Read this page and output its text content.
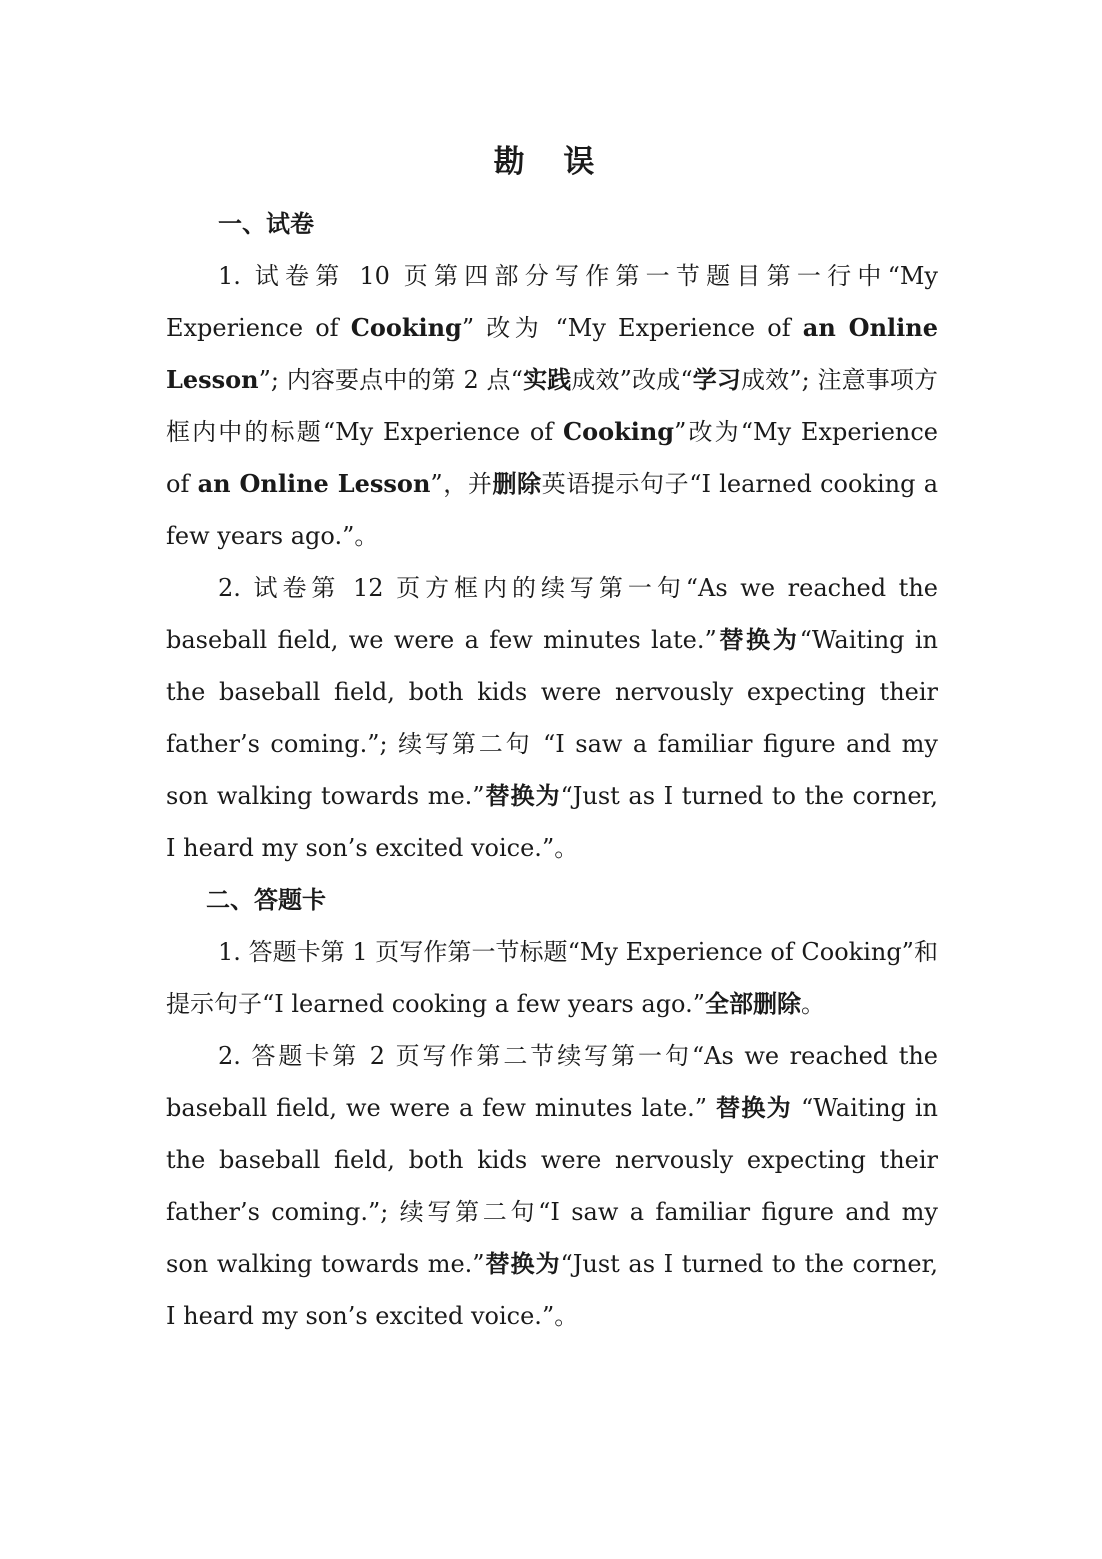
勘 误

一、试卷

1. 试卷第 10 页第四部分写作第一节题目第一行中“My Experience of Cooking” 改为 “My Experience of an Online Lesson”; 内容要点中的第 2 点“实践成效”改成“学习成效”; 注意事项方框内中的标题“My Experience of Cooking”改为“My Experience of an Online Lesson”，并删除英语提示句子“I learned cooking a few years ago.”。

2. 试卷第 12 页方框内的续写第一句“As we reached the baseball field, we were a few minutes late.”替换为“Waiting in the baseball field, both kids were nervously expecting their father’s coming.”; 续写第二句 “I saw a familiar figure and my son walking towards me.”替换为“Just as I turned to the corner, I heard my son’s excited voice.”。

二、答题卡

1. 答题卡第 1 页写作第一节标题“My Experience of Cooking”和提示句子“I learned cooking a few years ago.”全部删除。

2. 答题卡第 2 页写作第二节续写第一句“As we reached the baseball field, we were a few minutes late.” 替换为 “Waiting in the baseball field, both kids were nervously expecting their father’s coming.”; 续写第二句“I saw a familiar figure and my son walking towards me.”替换为“Just as I turned to the corner, I heard my son’s excited voice.”。
